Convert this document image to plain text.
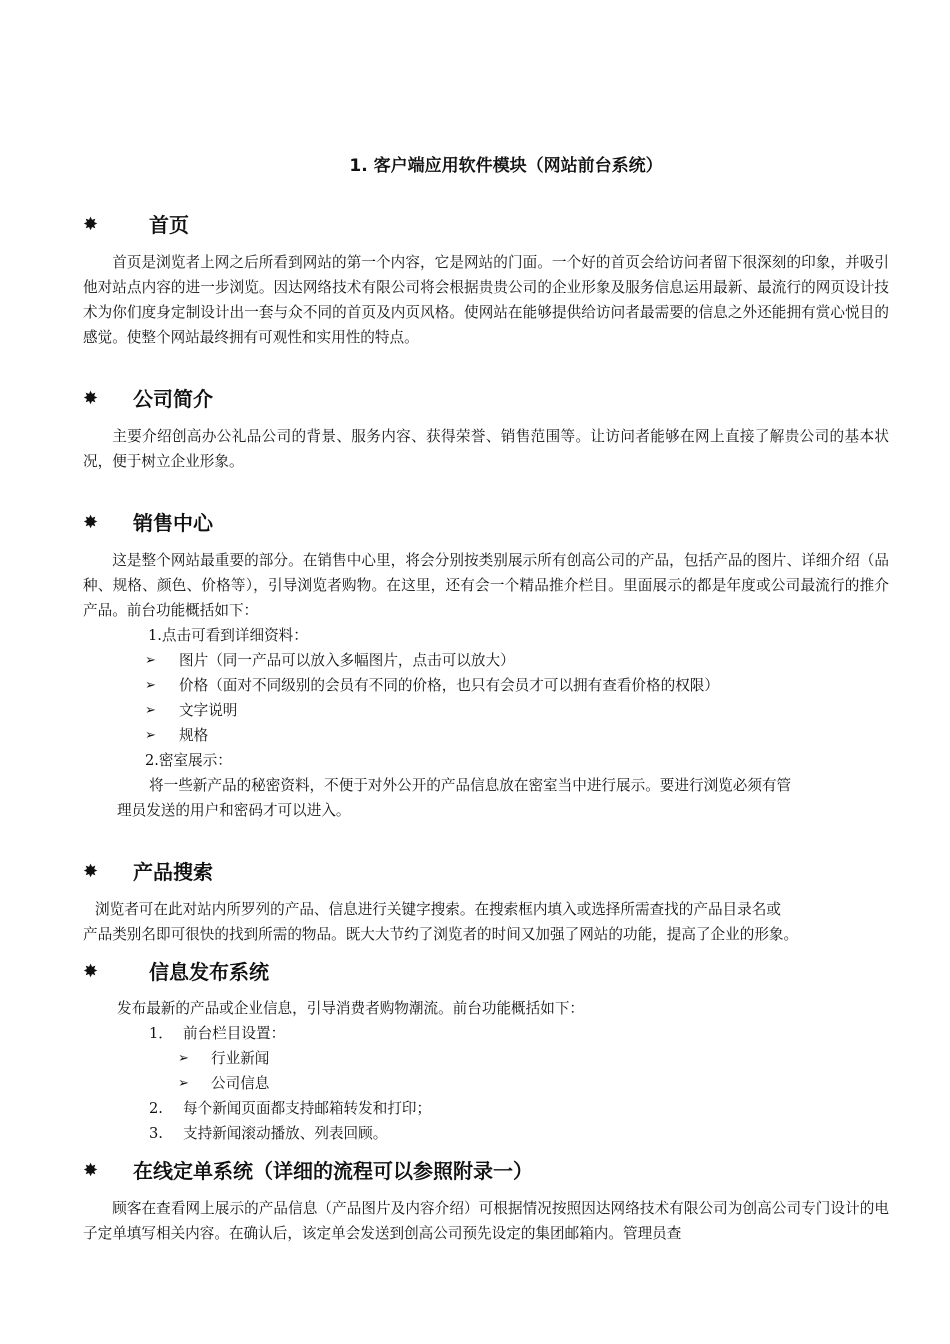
1. 客户端应用软件模块（网站前台系统）
✸	首页

首页是浏览者上网之后所看到网站的第一个内容，它是网站的门面。一个好的首页会给访问者留下很深刻的印象，并吸引他对站点内容的进一步浏览。因达网络技术有限公司将会根据贵贵公司的企业形象及服务信息运用最新、最流行的网页设计技术为你们度身定制设计出一套与众不同的首页及内页风格。使网站在能够提供给访问者最需要的信息之外还能拥有赏心悦目的感觉。使整个网站最终拥有可观性和实用性的特点。

✸ 公司简介

主要介绍创高办公礼品公司的背景、服务内容、获得荣誉、销售范围等。让访问者能够在网上直接了解贵公司的基本状况，便于树立企业形象。

✸ 销售中心

这是整个网站最重要的部分。在销售中心里，将会分别按类别展示所有创高公司的产品，包括产品的图片、详细介绍（品种、规格、颜色、价格等），引导浏览者购物。在这里，还有会一个精品推介栏目。里面展示的都是年度或公司最流行的推介产品。前台功能概括如下：

1.点击可看到详细资料：
➢ 图片（同一产品可以放入多幅图片，点击可以放大）
➢ 价格（面对不同级别的会员有不同的价格，也只有会员才可以拥有查看价格的权限）
➢ 文字说明
➢ 规格
2.密室展示：
将一些新产品的秘密资料，不便于对外公开的产品信息放在密室当中进行展示。要进行浏览必须有管
理员发送的用户和密码才可以进入。
✸ 产品搜索
浏览者可在此对站内所罗列的产品、信息进行关键字搜索。在搜索框内填入或选择所需查找的产品目录名或
产品类别名即可很快的找到所需的物品。既大大节约了浏览者的时间又加强了网站的功能，提高了企业的形象。
✸	信息发布系统
发布最新的产品或企业信息，引导消费者购物潮流。前台功能概括如下：
1． 前台栏目设置：
➢ 行业新闻
➢ 公司信息
2. 每个新闻页面都支持邮箱转发和打印；
3. 支持新闻滚动播放、列表回顾。
✸ 在线定单系统（详细的流程可以参照附录一）

顾客在查看网上展示的产品信息（产品图片及内容介绍）可根据情况按照因达网络技术有限公司为创高公司专门设计的电子定单填写相关内容。在确认后，该定单会发送到创高公司预先设定的集团邮箱内。管理员查
